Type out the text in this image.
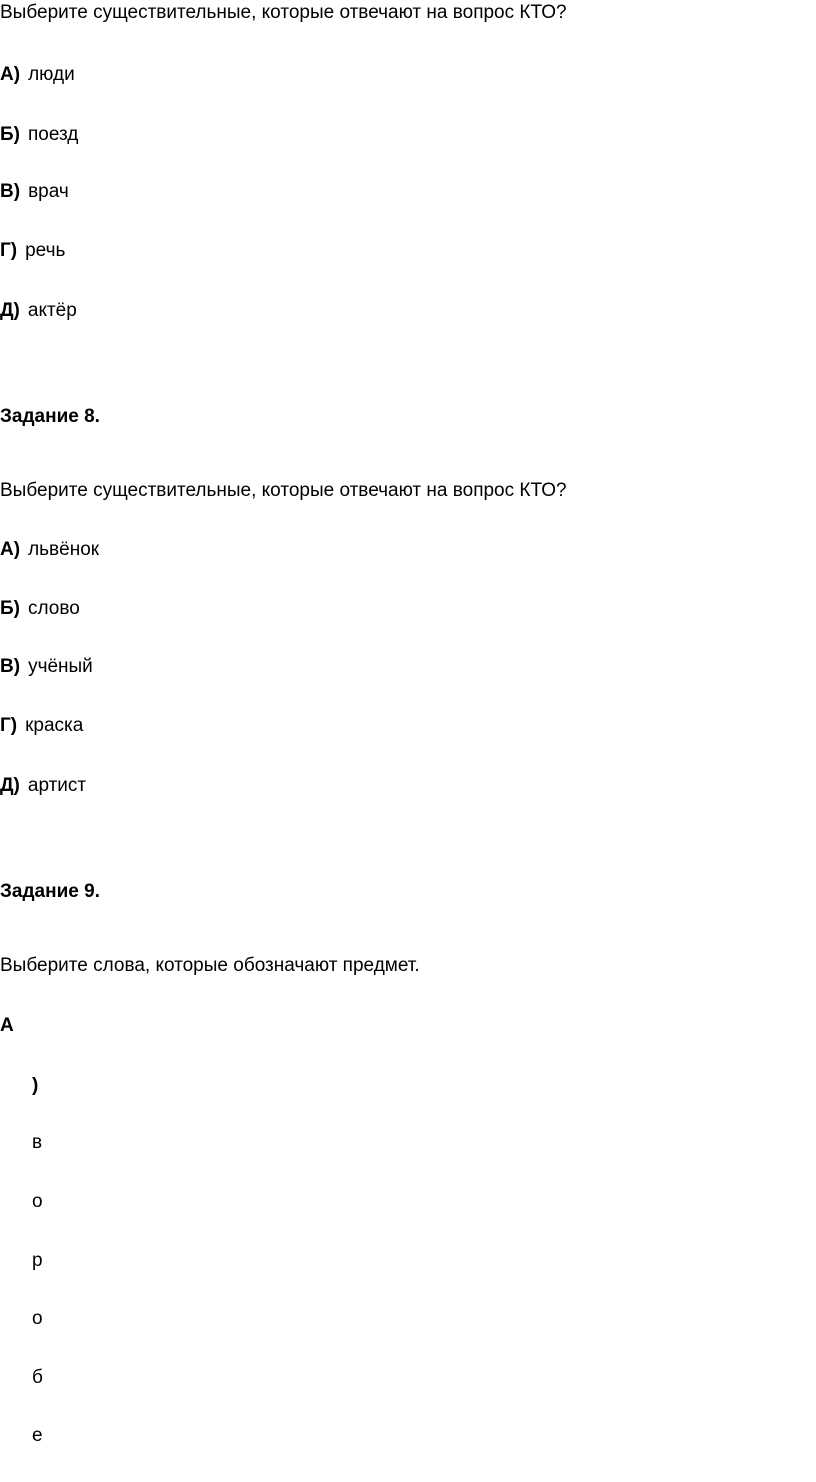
Выберите существительные, которые отвечают на вопрос КТО?
А) люди
Б) поезд
В) врач
Г) речь
Д) актёр
Задание 8.
Выберите существительные, которые отвечают на вопрос КТО?
А) львёнок
Б) слово
В) учёный
Г) краска
Д) артист
Задание 9.
Выберите слова, которые обозначают предмет.
А
)
в
о
р
о
б
е
